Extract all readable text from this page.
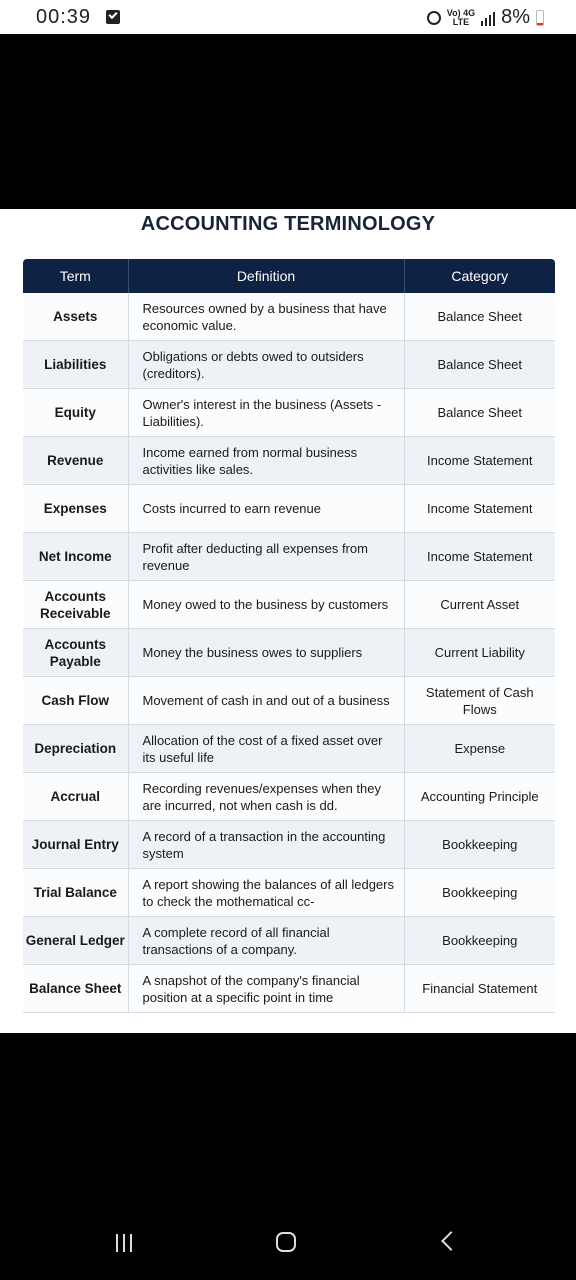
00:39	Vo) 4G
LTE	8%
ACCOUNTING TERMINOLOGY
Term	Definition	Category
Assets	Resources owned by a business that have economic value.	Balance Sheet
Liabilities	Obligations or debts owed to outsiders (creditors).	Balance Sheet
Equity	Owner's interest in the business (Assets - Liabilities).	Balance Sheet
Revenue	Income earned from normal business activities like sales.	Income Statement
Expenses	Costs incurred to earn revenue	Income Statement
Net Income	Profit after deducting all expenses from revenue	Income Statement
Accounts Receivable	Money owed to the business by customers	Current Asset
Accounts Payable	Money the business owes to suppliers	Current Liability
Cash Flow	Movement of cash in and out of a business	Statement of Cash Flows
Depreciation	Allocation of the cost of a fixed asset over its useful life	Expense
Accrual	Recording revenues/expenses when they are incurred, not when cash is dd.	Accounting Principle
Journal Entry	A record of a transaction in the accounting system	Bookkeeping
Trial Balance	A report showing the balances of all ledgers to check the mothematical cc-	Bookkeeping
General Ledger	A complete record of all financial transactions of a company.	Bookkeeping
Balance Sheet	A snapshot of the company's financial position at a specific point in time	Financial Statement
